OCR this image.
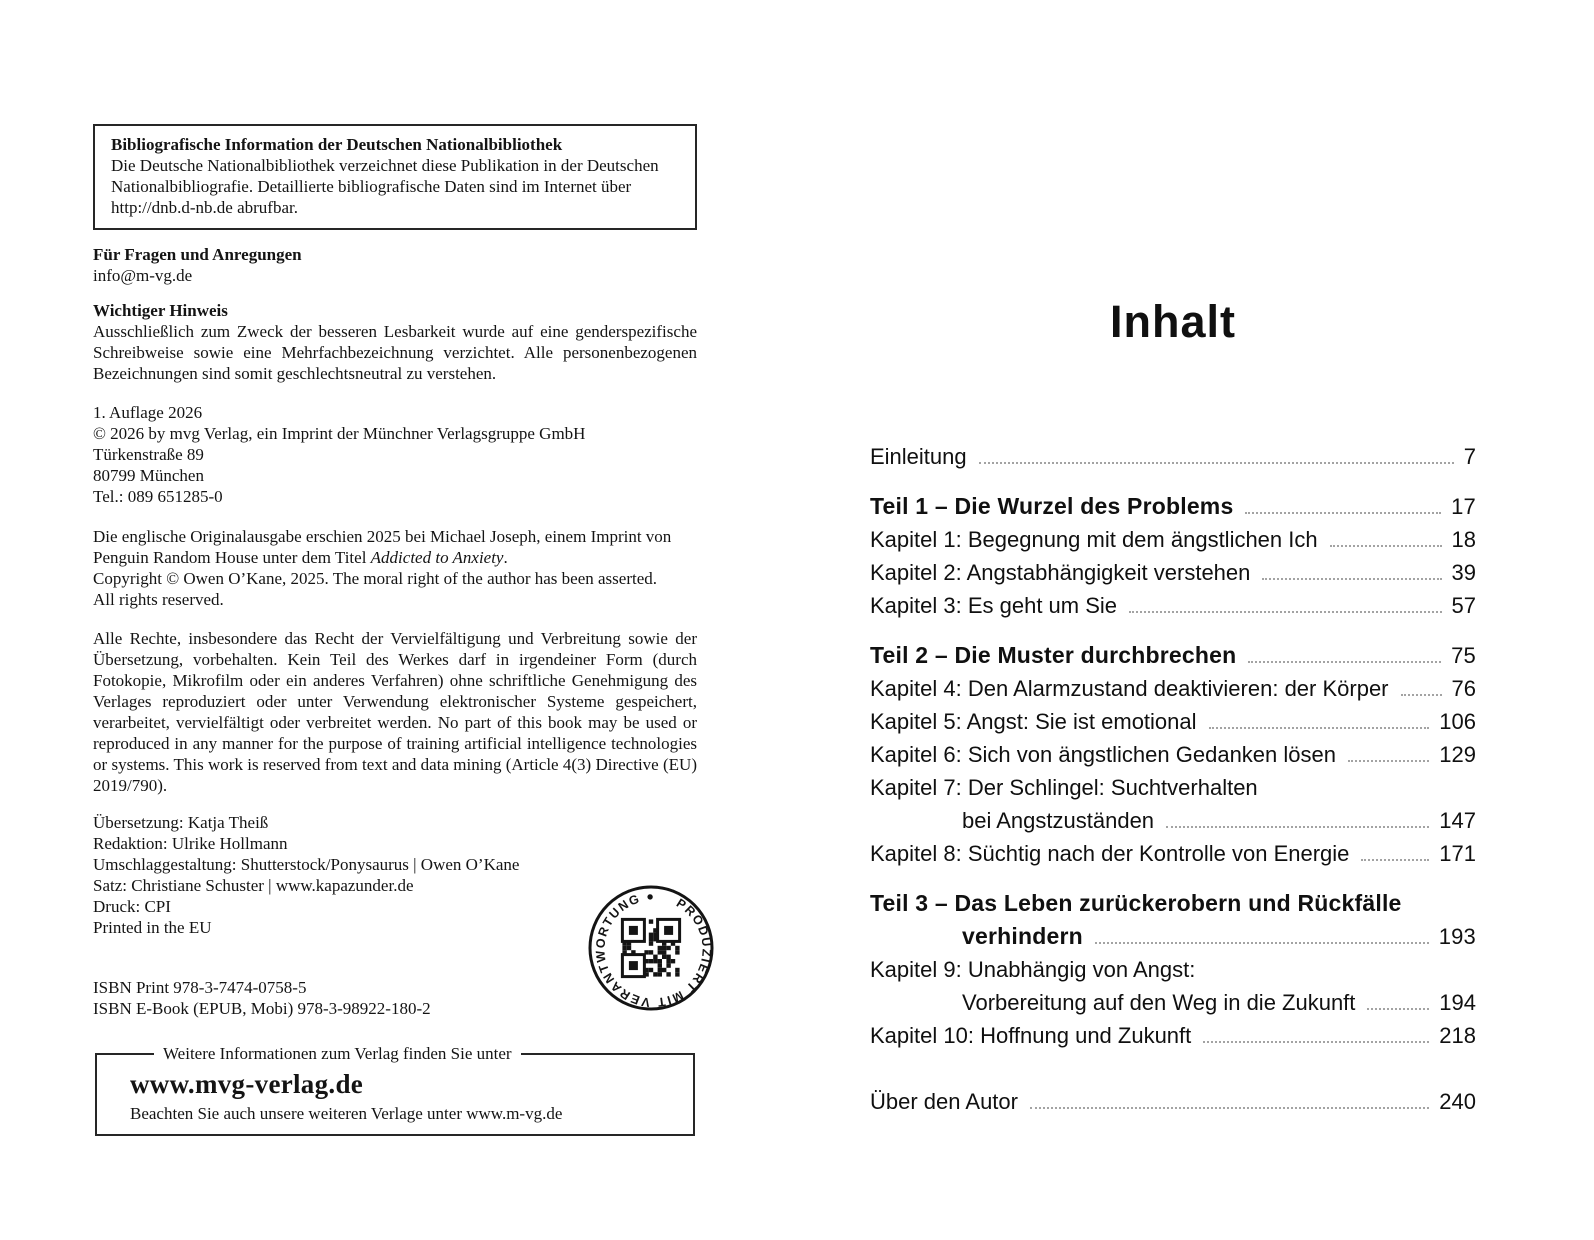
Bibliografische Information der Deutschen Nationalbibliothek
Die Deutsche Nationalbibliothek verzeichnet diese Publikation in der Deutschen Nationalbibliografie. Detaillierte bibliografische Daten sind im Internet über http://dnb.d-nb.de abrufbar.
Für Fragen und Anregungen
info@m-vg.de
Wichtiger Hinweis
Ausschließlich zum Zweck der besseren Lesbarkeit wurde auf eine genderspezifische Schreibweise sowie eine Mehrfachbezeichnung verzichtet. Alle personenbezogenen Bezeichnungen sind somit geschlechtsneutral zu verstehen.
1. Auflage 2026
© 2026 by mvg Verlag, ein Imprint der Münchner Verlagsgruppe GmbH
Türkenstraße 89
80799 München
Tel.: 089 651285-0
Die englische Originalausgabe erschien 2025 bei Michael Joseph, einem Imprint von Penguin Random House unter dem Titel Addicted to Anxiety.
Copyright © Owen O’Kane, 2025. The moral right of the author has been asserted.
All rights reserved.
Alle Rechte, insbesondere das Recht der Vervielfältigung und Verbreitung sowie der Übersetzung, vorbehalten. Kein Teil des Werkes darf in irgendeiner Form (durch Fotokopie, Mikrofilm oder ein anderes Verfahren) ohne schriftliche Genehmigung des Verlages reproduziert oder unter Verwendung elektronischer Systeme gespeichert, verarbeitet, vervielfältigt oder verbreitet werden. No part of this book may be used or reproduced in any manner for the purpose of training artificial intelligence technologies or systems. This work is reserved from text and data mining (Article 4(3) Directive (EU) 2019/790).
Übersetzung: Katja Theiß
Redaktion: Ulrike Hollmann
Umschlaggestaltung: Shutterstock/Ponysaurus | Owen O’Kane
Satz: Christiane Schuster | www.kapazunder.de
Druck: CPI
Printed in the EU
ISBN Print 978-3-7474-0758-5
ISBN E-Book (EPUB, Mobi) 978-3-98922-180-2
Weitere Informationen zum Verlag finden Sie unter
www.mvg-verlag.de
Beachten Sie auch unsere weiteren Verlage unter www.m-vg.de
PRODUZIERT MIT VERANTWORTUNG ●
Inhalt
Einleitung	7
Teil 1 – Die Wurzel des Problems	17
Kapitel 1: Begegnung mit dem ängstlichen Ich	18
Kapitel 2: Angstabhängigkeit verstehen	39
Kapitel 3: Es geht um Sie	57
Teil 2 – Die Muster durchbrechen	75
Kapitel 4: Den Alarmzustand deaktivieren: der Körper	76
Kapitel 5: Angst: Sie ist emotional	106
Kapitel 6: Sich von ängstlichen Gedanken lösen	129
Kapitel 7: Der Schlingel: Suchtverhalten
bei Angstzuständen	147
Kapitel 8: Süchtig nach der Kontrolle von Energie	171
Teil 3 – Das Leben zurückerobern und Rückfälle
verhindern	193
Kapitel 9: Unabhängig von Angst:
Vorbereitung auf den Weg in die Zukunft	194
Kapitel 10: Hoffnung und Zukunft	218
Über den Autor	240
